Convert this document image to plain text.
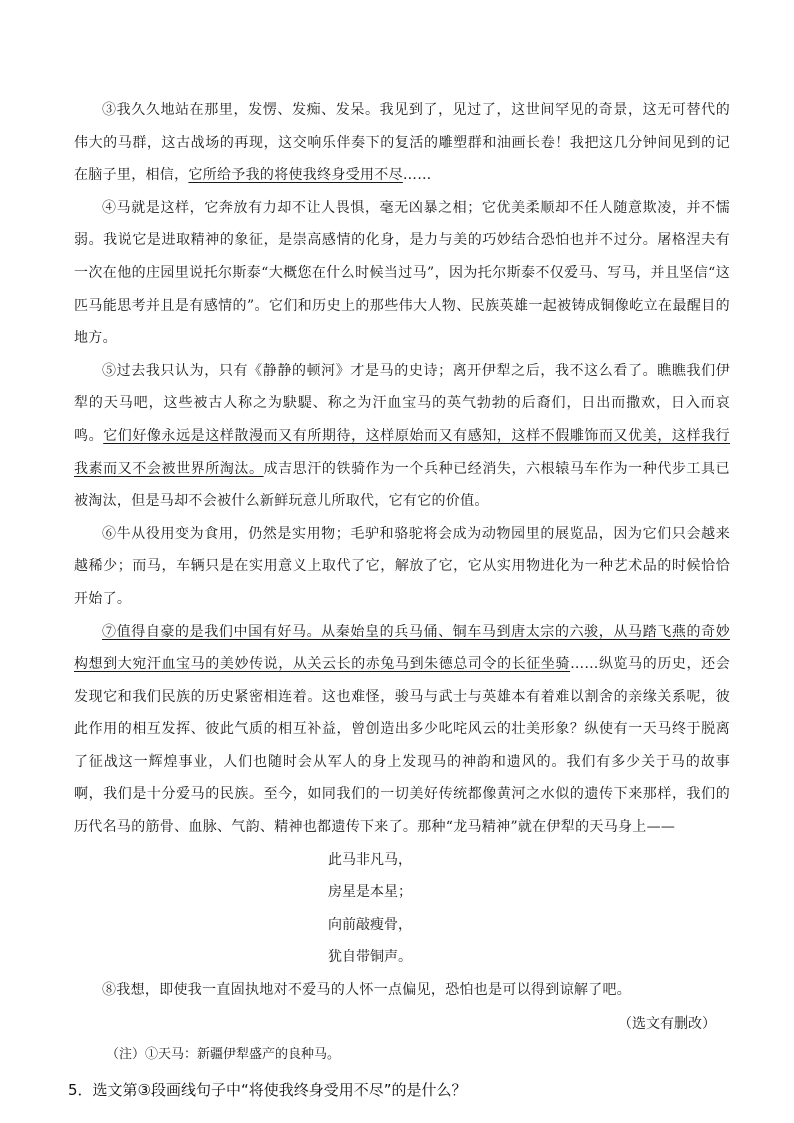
③我久久地站在那里，发愣、发痴、发呆。我见到了，见过了，这世间罕见的奇景，这无可替代的伟大的马群，这古战场的再现，这交响乐伴奏下的复活的雕塑群和油画长卷！我把这几分钟间见到的记在脑子里，相信，它所给予我的将使我终身受用不尽……

④马就是这样，它奔放有力却不让人畏惧，毫无凶暴之相；它优美柔顺却不任人随意欺凌，并不懦弱。我说它是进取精神的象征，是崇高感情的化身，是力与美的巧妙结合恐怕也并不过分。屠格涅夫有一次在他的庄园里说托尔斯泰“大概您在什么时候当过马”，因为托尔斯泰不仅爱马、写马，并且坚信“这匹马能思考并且是有感情的”。它们和历史上的那些伟大人物、民族英雄一起被铸成铜像屹立在最醒目的地方。

⑤过去我只认为，只有《静静的顿河》才是马的史诗；离开伊犁之后，我不这么看了。瞧瞧我们伊犁的天马吧，这些被古人称之为駃騠、称之为汗血宝马的英气勃勃的后裔们，日出而撒欢，日入而哀鸣。它们好像永远是这样散漫而又有所期待，这样原始而又有感知，这样不假雕饰而又优美，这样我行我素而又不会被世界所淘汰。成吉思汗的铁骑作为一个兵种已经消失，六根辕马车作为一种代步工具已被淘汰，但是马却不会被什么新鲜玩意儿所取代，它有它的价值。

⑥牛从役用变为食用，仍然是实用物；毛驴和骆驼将会成为动物园里的展览品，因为它们只会越来越稀少；而马，车辆只是在实用意义上取代了它，解放了它，它从实用物进化为一种艺术品的时候恰恰开始了。

⑦值得自豪的是我们中国有好马。从秦始皇的兵马俑、铜车马到唐太宗的六骏，从马踏飞燕的奇妙构想到大宛汗血宝马的美妙传说，从关云长的赤兔马到朱德总司令的长征坐骑……纵览马的历史，还会发现它和我们民族的历史紧密相连着。这也难怪，骏马与武士与英雄本有着难以割舍的亲缘关系呢，彼此作用的相互发挥、彼此气质的相互补益，曾创造出多少叱咤风云的壮美形象？纵使有一天马终于脱离了征战这一辉煌事业，人们也随时会从军人的身上发现马的神韵和遗风的。我们有多少关于马的故事啊，我们是十分爱马的民族。至今，如同我们的一切美好传统都像黄河之水似的遗传下来那样，我们的历代名马的筋骨、血脉、气韵、精神也都遗传下来了。那种“龙马精神”就在伊犁的天马身上——

此马非凡马，
房星是本星；
向前敲瘦骨，
犹自带铜声。

⑧我想，即使我一直固执地对不爱马的人怀一点偏见，恐怕也是可以得到谅解了吧。

（选文有删改）

（注）①天马：新疆伊犁盛产的良种马。

5．选文第③段画线句子中“将使我终身受用不尽”的是什么？
